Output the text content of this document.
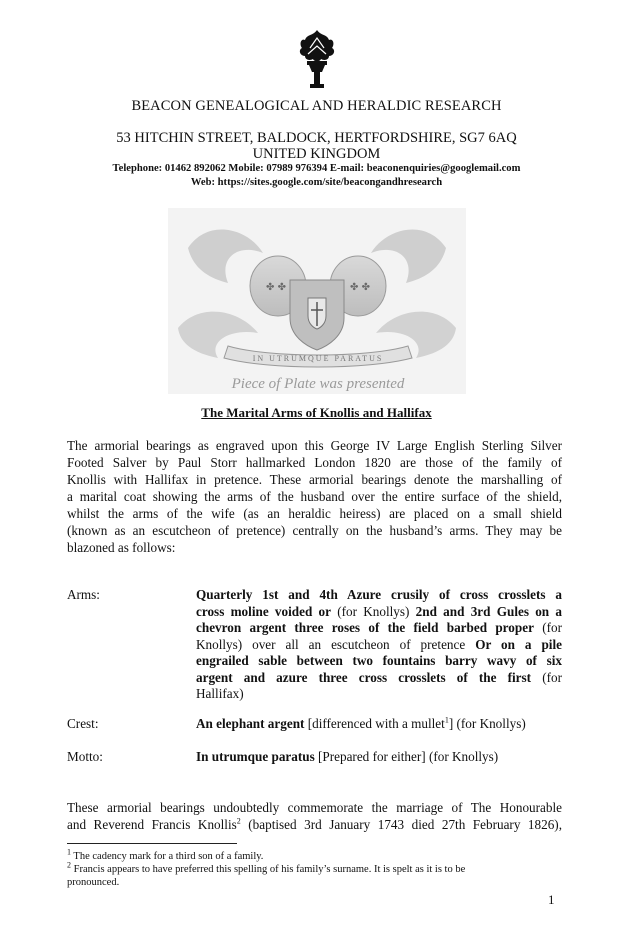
BEACON GENEALOGICAL AND HERALDIC RESEARCH
53 HITCHIN STREET, BALDOCK, HERTFORDSHIRE, SG7 6AQ
UNITED KINGDOM
Telephone: 01462 892062 Mobile: 07989 976394 E-mail: beaconenquiries@googlemail.com
Web: https://sites.google.com/site/beacongandhresearch
✤ ✤	✤ ✤
IN UTRUMQUE PARATUS
Piece of Plate was presented
The Marital Arms of Knollis and Hallifax
The armorial bearings as engraved upon this George IV Large English Sterling Silver
Footed Salver by Paul Storr hallmarked London 1820 are those of the family of
Knollis with Hallifax in pretence. These armorial bearings denote the marshalling of
a marital coat showing the arms of the husband over the entire surface of the shield,
whilst the arms of the wife (as an heraldic heiress) are placed on a small shield
(known as an escutcheon of pretence) centrally on the husband’s arms. They may be
blazoned as follows:
Arms:	Quarterly 1st and 4th Azure crusily of cross crosslets a
cross moline voided or (for Knollys) 2nd and 3rd Gules on a
chevron argent three roses of the field barbed proper (for
Knollys) over all an escutcheon of pretence Or on a pile
engrailed sable between two fountains barry wavy of six
argent and azure three cross crosslets of the first (for
Hallifax)
Crest:	An elephant argent [differenced with a mullet$^1$] (for Knollys)
Motto:	In utrumque paratus [Prepared for either] (for Knollys)
These armorial bearings undoubtedly commemorate the marriage of The Honourable
and Reverend Francis Knollis$^2$ (baptised 3rd January 1743 died 27th February 1826),
$^1$ The cadency mark for a third son of a family.
$^2$ Francis appears to have preferred this spelling of his family’s surname. It is spelt as it is to be
pronounced.
1
